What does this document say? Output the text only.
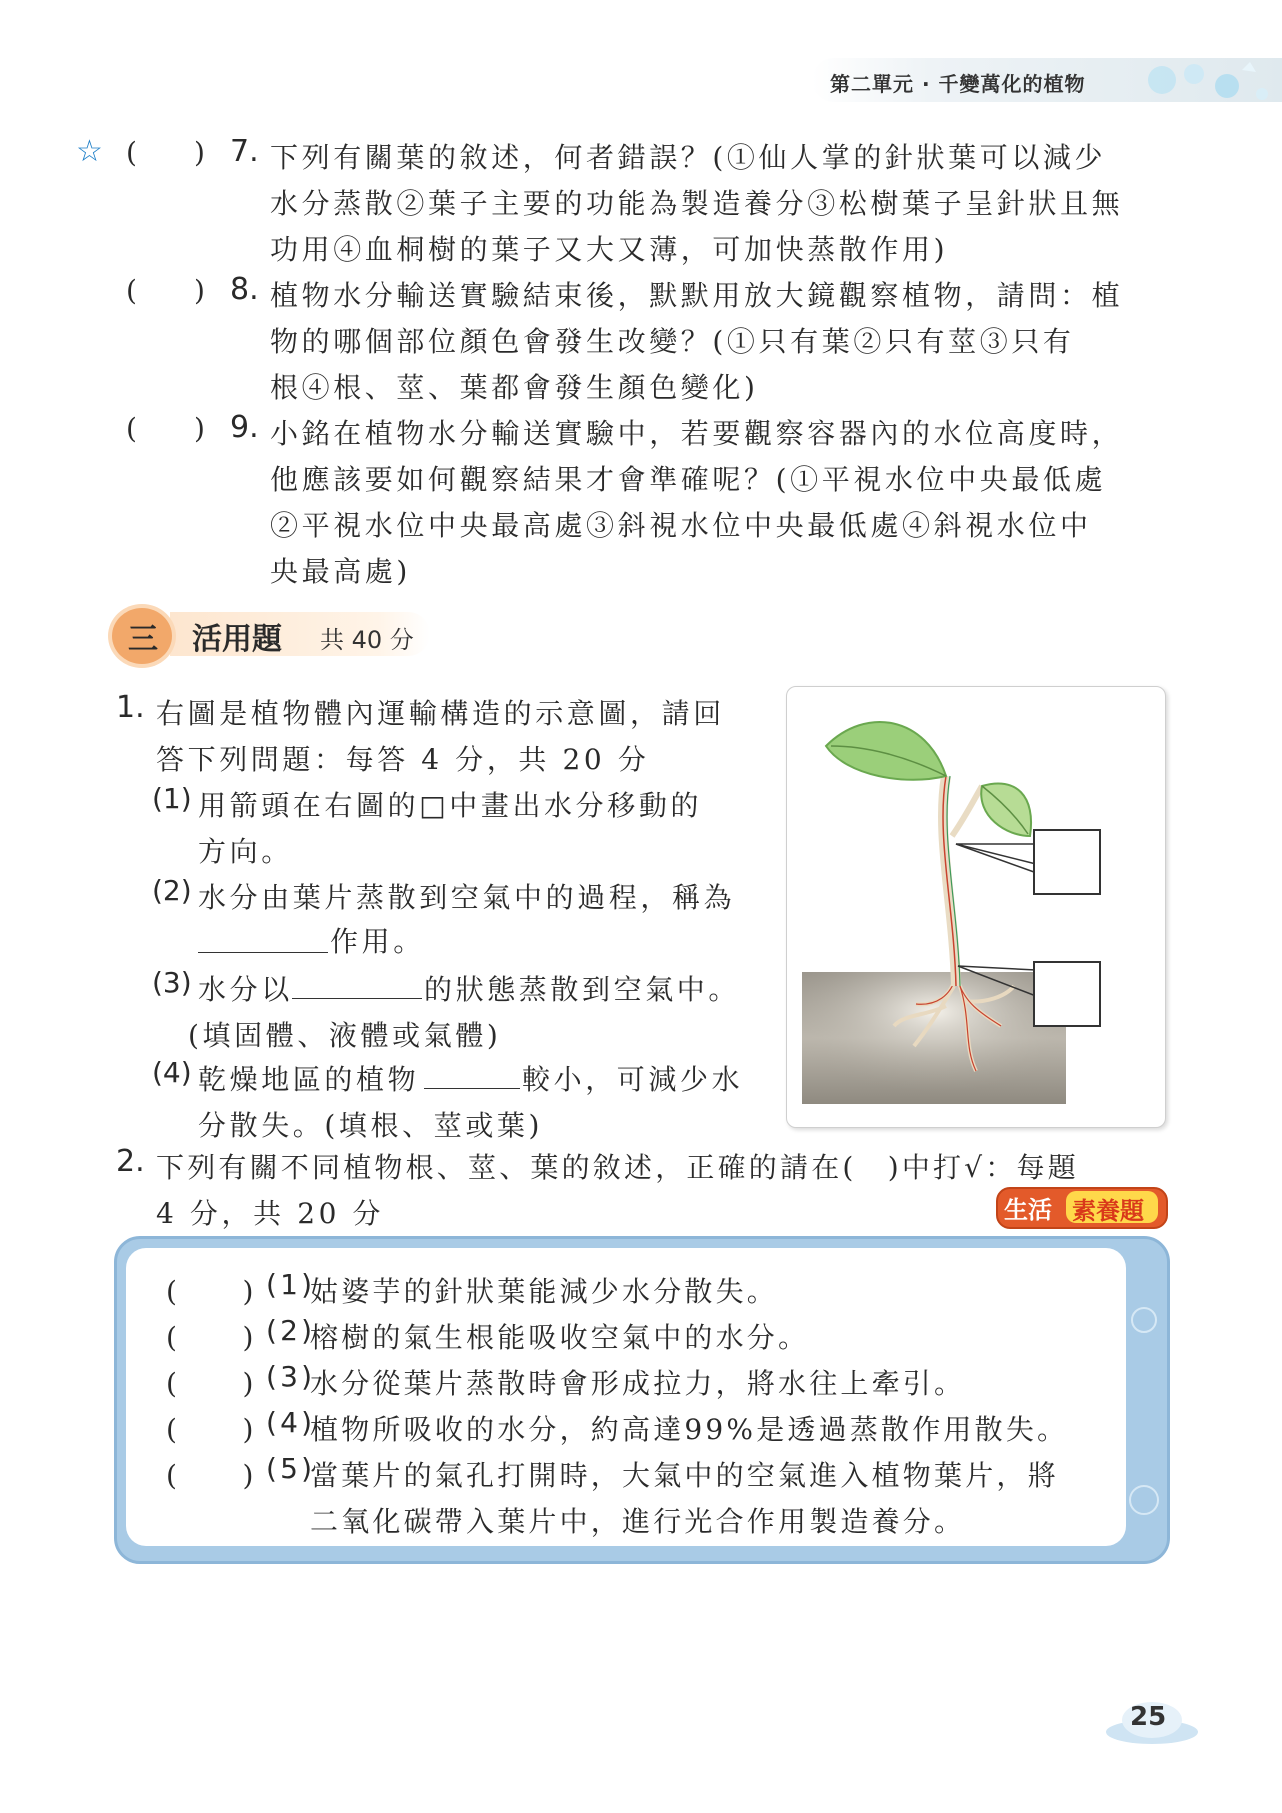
第二單元 · 千變萬化的植物
☆ ( ) 7. 下列有關葉的敘述，何者錯誤？(①仙人掌的針狀葉可以減少
水分蒸散②葉子主要的功能為製造養分③松樹葉子呈針狀且無
功用④血桐樹的葉子又大又薄，可加快蒸散作用)
( ) 8. 植物水分輸送實驗結束後，默默用放大鏡觀察植物，請問：植
物的哪個部位顏色會發生改變？(①只有葉②只有莖③只有
根④根、莖、葉都會發生顏色變化)
( ) 9. 小銘在植物水分輸送實驗中，若要觀察容器內的水位高度時，
他應該要如何觀察結果才會準確呢？(①平視水位中央最低處
②平視水位中央最高處③斜視水位中央最低處④斜視水位中
央最高處)
三 活用題 共 40 分
1. 右圖是植物體內運輸構造的示意圖，請回
答下列問題：每答 4 分，共 20 分
(1) 用箭頭在右圖的□中畫出水分移動的
方向。
(2) 水分由葉片蒸散到空氣中的過程，稱為
作用。
(3) 水分以	的狀態蒸散到空氣中。
(填固體、液體或氣體)
(4) 乾燥地區的植物	較小，可減少水
分散失。(填根、莖或葉)
2. 下列有關不同植物根、莖、葉的敘述，正確的請在(　)中打√：每題
4 分，共 20 分	生活 素養題
(　　) (1)
姑婆芋的針狀葉能減少水分散失。
(　　) (2)
榕樹的氣生根能吸收空氣中的水分。
(　　) (3)
水分從葉片蒸散時會形成拉力，將水往上牽引。
(　　) (4)
植物所吸收的水分，約高達99%是透過蒸散作用散失。
(　　) (5)
當葉片的氣孔打開時，大氣中的空氣進入植物葉片，將
二氧化碳帶入葉片中，進行光合作用製造養分。
25
